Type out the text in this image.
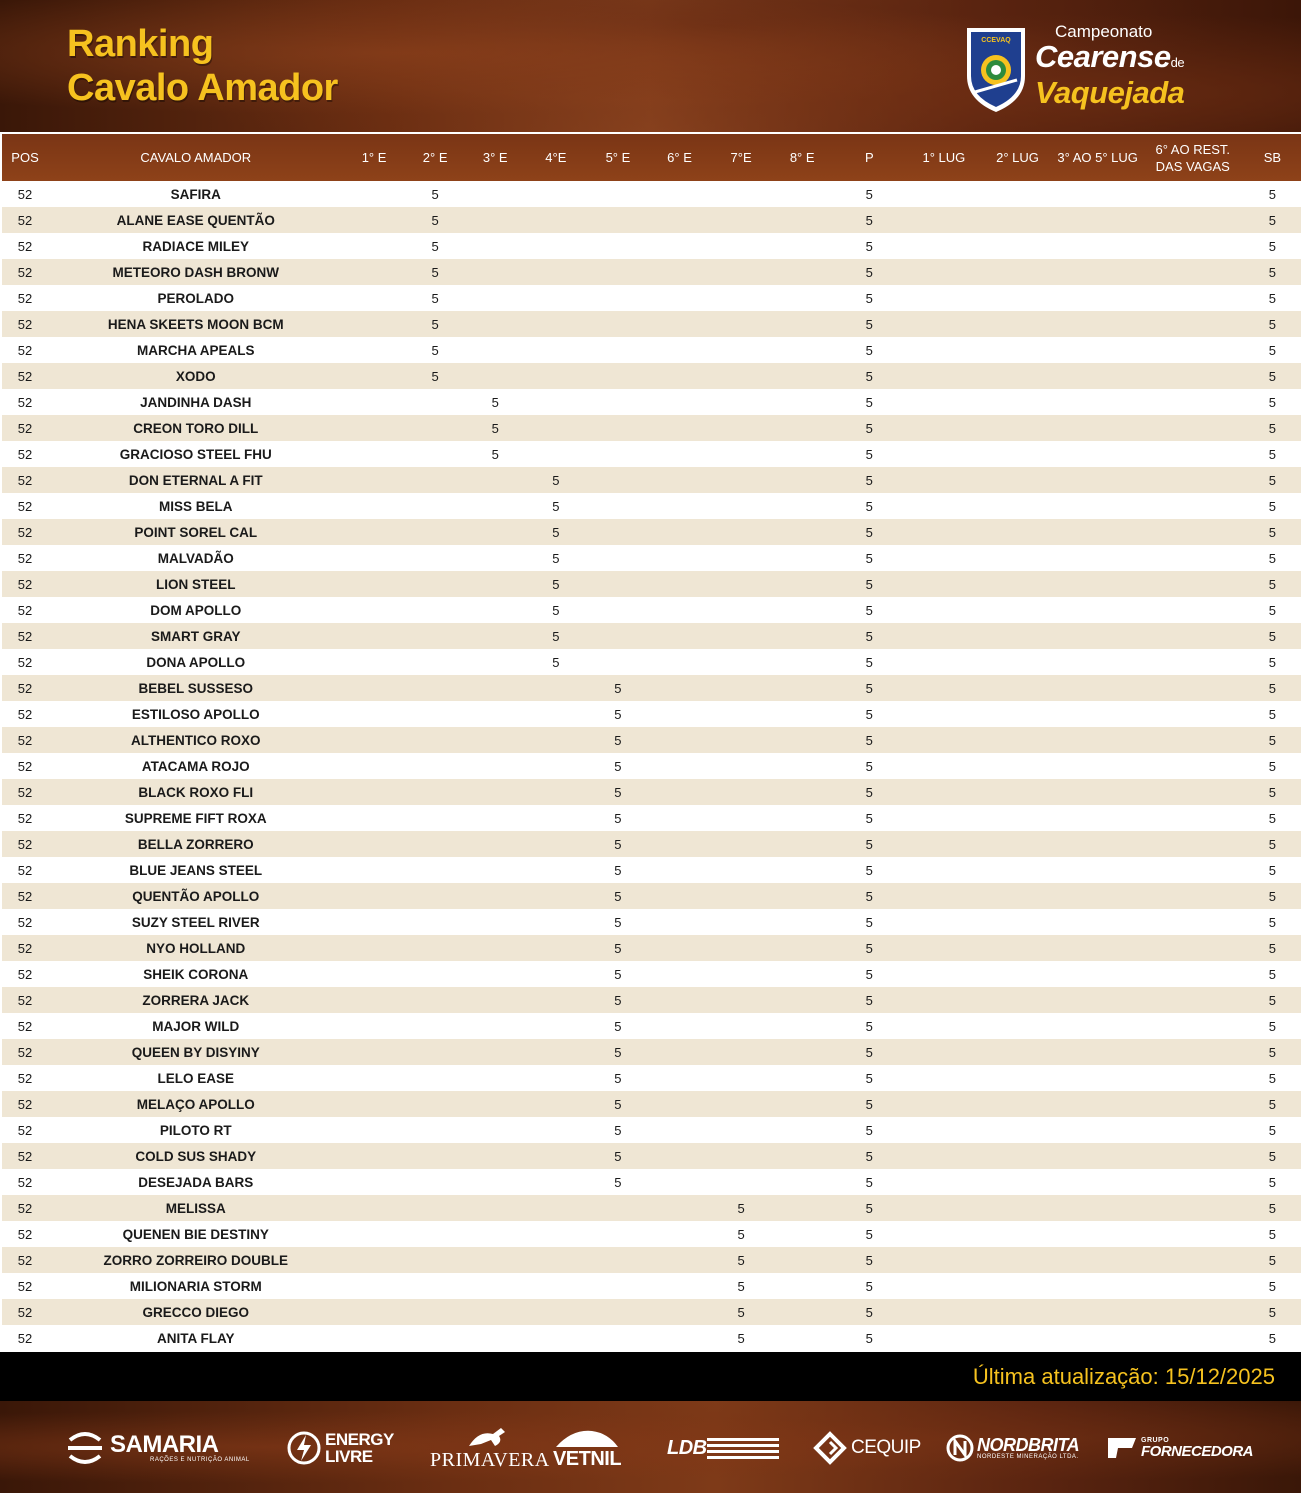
Ranking
Cavalo Amador
CCEVAQ	Campeonato
Cearensede
Vaquejada
POS	CAVALO AMADOR	1° E	2° E	3° E	4°E	5° E	6° E	7°E	8° E	P	1° LUG	2° LUG	3° AO 5° LUG	6° AO REST. DAS VAGAS	SB
52	SAFIRA		5							5					5
52	ALANE EASE QUENTÃO		5							5					5
52	RADIACE MILEY		5							5					5
52	METEORO DASH BRONW		5							5					5
52	PEROLADO		5							5					5
52	HENA SKEETS MOON BCM		5							5					5
52	MARCHA APEALS		5							5					5
52	XODO		5							5					5
52	JANDINHA DASH			5						5					5
52	CREON TORO DILL			5						5					5
52	GRACIOSO STEEL FHU			5						5					5
52	DON ETERNAL A FIT				5					5					5
52	MISS BELA				5					5					5
52	POINT SOREL CAL				5					5					5
52	MALVADÃO				5					5					5
52	LION STEEL				5					5					5
52	DOM APOLLO				5					5					5
52	SMART GRAY				5					5					5
52	DONA APOLLO				5					5					5
52	BEBEL SUSSESO					5				5					5
52	ESTILOSO APOLLO					5				5					5
52	ALTHENTICO ROXO					5				5					5
52	ATACAMA ROJO					5				5					5
52	BLACK ROXO FLI					5				5					5
52	SUPREME FIFT ROXA					5				5					5
52	BELLA ZORRERO					5				5					5
52	BLUE JEANS STEEL					5				5					5
52	QUENTÃO APOLLO					5				5					5
52	SUZY STEEL RIVER					5				5					5
52	NYO HOLLAND					5				5					5
52	SHEIK CORONA					5				5					5
52	ZORRERA JACK					5				5					5
52	MAJOR WILD					5				5					5
52	QUEEN BY DISYINY					5				5					5
52	LELO EASE					5				5					5
52	MELAÇO APOLLO					5				5					5
52	PILOTO RT					5				5					5
52	COLD SUS SHADY					5				5					5
52	DESEJADA BARS					5				5					5
52	MELISSA							5		5					5
52	QUENEN BIE DESTINY							5		5					5
52	ZORRO ZORREIRO DOUBLE							5		5					5
52	MILIONARIA STORM							5		5					5
52	GRECCO DIEGO							5		5					5
52	ANITA FLAY							5		5					5
Última atualização: 15/12/2025
SAMARIA
RAÇÕES E NUTRIÇÃO ANIMAL
ENERGY LIVRE	PRIMAVERA VETNIL
LDB	CEQUIP	NORDBRITA
NORDESTE MINERAÇÃO LTDA.
GRUPO
FORNECEDORA
